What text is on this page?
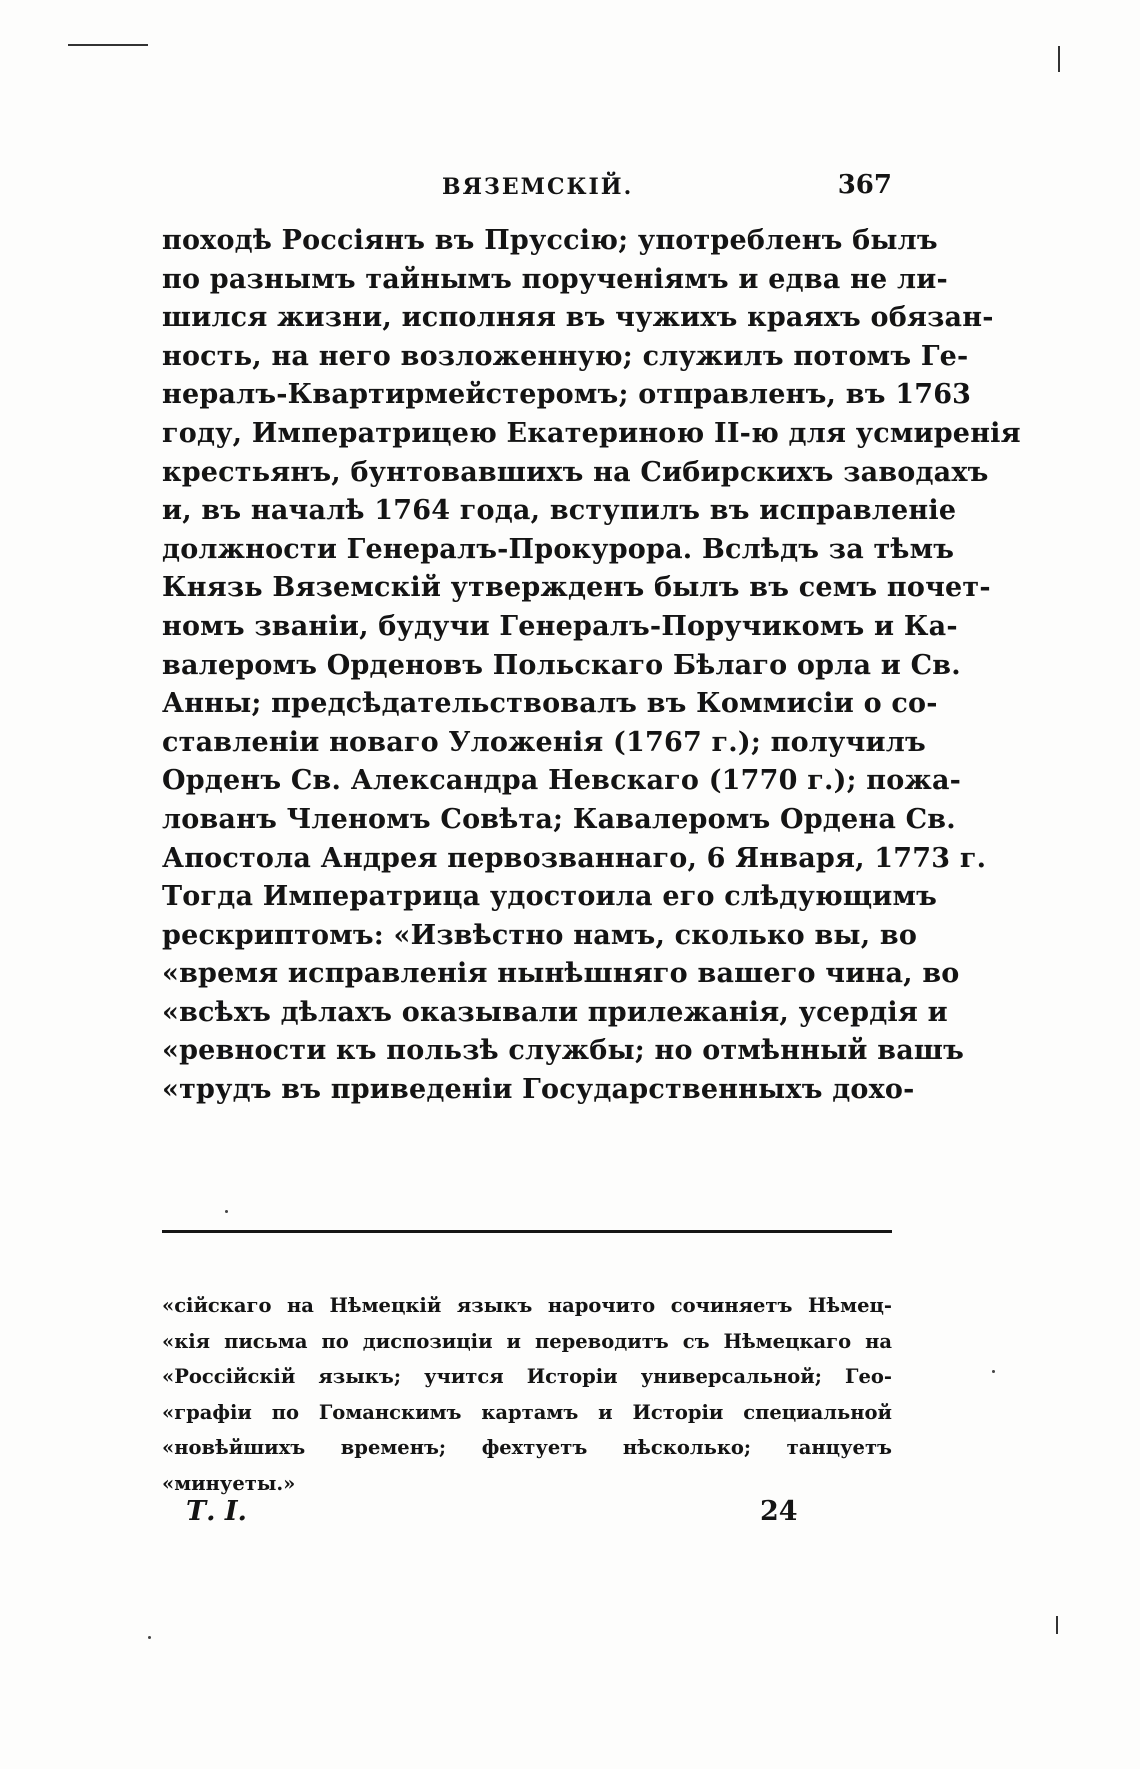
ВЯЗЕМСКІЙ.	367
походѣ Россіянъ въ Пруссію; употребленъ былъ
по разнымъ тайнымъ порученіямъ и едва не ли-
шился жизни, исполняя въ чужихъ краяхъ обязан-
ность, на него возложенную; служилъ потомъ Ге-
нералъ-Квартирмейстеромъ; отправленъ, въ 1763
году, Императрицею Екатериною II-ю для усмиренія
крестьянъ, бунтовавшихъ на Сибирскихъ заводахъ
и, въ началѣ 1764 года, вступилъ въ исправленіе
должности Генералъ-Прокурора. Вслѣдъ за тѣмъ
Князь Вяземскій утвержденъ былъ въ семъ почет-
номъ званіи, будучи Генералъ-Поручикомъ и Ка-
валеромъ Орденовъ Польскаго Бѣлаго орла и Св.
Анны; предсѣдательствовалъ въ Коммисіи о со-
ставленіи новаго Уложенія (1767 г.); получилъ
Орденъ Св. Александра Невскаго (1770 г.); пожа-
лованъ Членомъ Совѣта; Кавалеромъ Ордена Св.
Апостола Андрея первозваннаго, 6 Января, 1773 г.
Тогда Императрица удостоила его слѣдующимъ
рескриптомъ: «Извѣстно намъ, сколько вы, во
«время исправленія нынѣшняго вашего чина, во
«всѣхъ дѣлахъ оказывали прилежанія, усердія и
«ревности къ пользѣ службы; но отмѣнный вашъ
«трудъ въ приведеніи Государственныхъ дохо-
«сійскаго на Нѣмецкій языкъ нарочито сочиняетъ Нѣмец-
«кія письма по диспозиціи и переводитъ съ Нѣмецкаго на
«Россійскій языкъ; учится Исторіи универсальной; Гео-
«графіи по Гоманскимъ картамъ и Исторіи специальной
«новѣйшихъ временъ; фехтуетъ нѣсколько; танцуетъ
«минуеты.»
Т. I.	24
